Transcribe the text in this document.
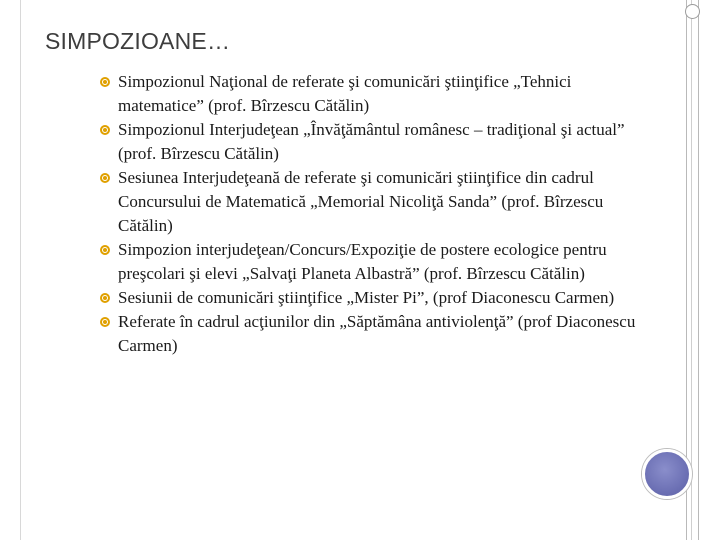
SIMPOZIOANE…
Simpozionul Naţional de referate şi comunicări ştiinţifice „Tehnici matematice” (prof. Bîrzescu Cătălin)
Simpozionul Interjudeţean „Învăţământul românesc – tradiţional şi actual” (prof. Bîrzescu Cătălin)
Sesiunea Interjudeţeană de referate şi comunicări ştiinţifice din cadrul Concursului de Matematică „Memorial Nicoliţă Sanda” (prof. Bîrzescu Cătălin)
Simpozion interjudeţean/Concurs/Expoziţie de postere ecologice pentru preşcolari şi elevi „Salvaţi Planeta Albastră” (prof. Bîrzescu Cătălin)
Sesiunii de comunicări ştiinţifice „Mister Pi”, (prof Diaconescu Carmen)
Referate în cadrul acţiunilor din „Săptămâna antiviolenţă” (prof Diaconescu Carmen)
